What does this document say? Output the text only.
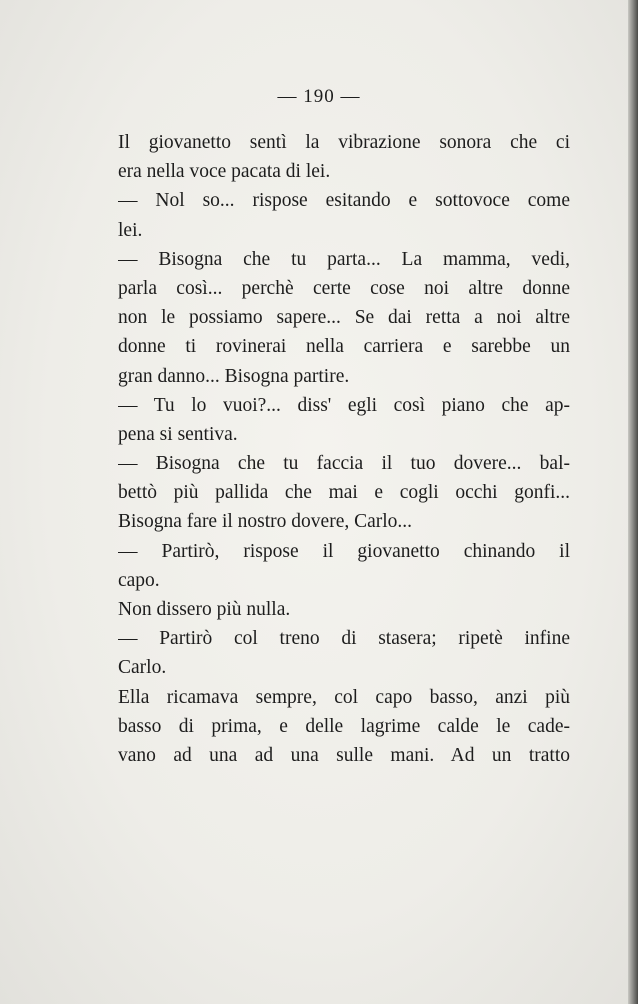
— 190 —
Il giovanetto sentì la vibrazione sonora che ci
era nella voce pacata di lei.
— Nol so... rispose esitando e sottovoce come
lei.
— Bisogna che tu parta... La mamma, vedi,
parla così... perchè certe cose noi altre donne
non le possiamo sapere... Se dai retta a noi altre
donne ti rovinerai nella carriera e sarebbe un
gran danno... Bisogna partire.
— Tu lo vuoi?... diss' egli così piano che ap-
pena si sentiva.
— Bisogna che tu faccia il tuo dovere... bal-
bettò più pallida che mai e cogli occhi gonfi...
Bisogna fare il nostro dovere, Carlo...
— Partirò, rispose il giovanetto chinando il
capo.
Non dissero più nulla.
— Partirò col treno di stasera; ripetè infine
Carlo.
Ella ricamava sempre, col capo basso, anzi più
basso di prima, e delle lagrime calde le cade-
vano ad una ad una sulle mani. Ad un tratto
